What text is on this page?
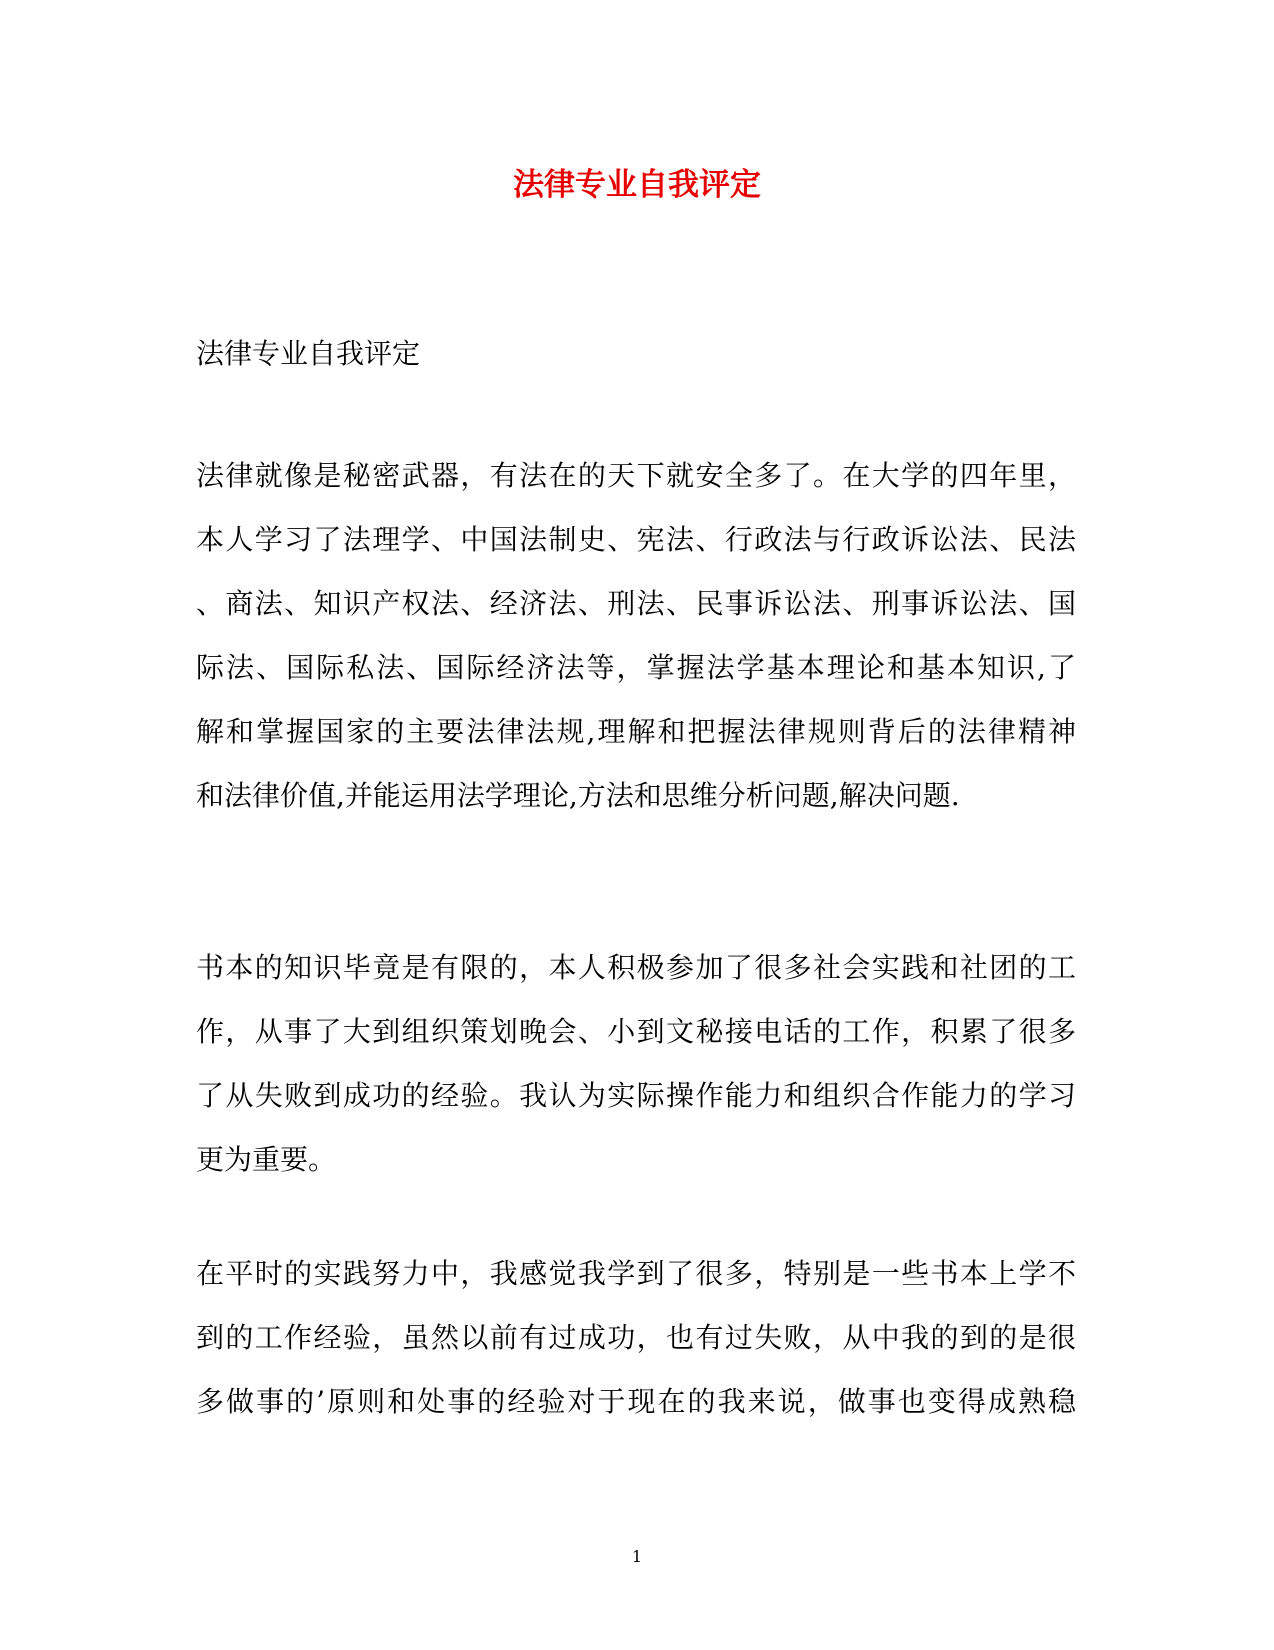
法律专业自我评定
法律专业自我评定
法律就像是秘密武器，有法在的天下就安全多了。在大学的四年里，
本人学习了法理学、中国法制史、宪法、行政法与行政诉讼法、民法
、商法、知识产权法、经济法、刑法、民事诉讼法、刑事诉讼法、国
际法、国际私法、国际经济法等，掌握法学基本理论和基本知识,了
解和掌握国家的主要法律法规,理解和把握法律规则背后的法律精神
和法律价值,并能运用法学理论,方法和思维分析问题,解决问题.
书本的知识毕竟是有限的，本人积极参加了很多社会实践和社团的工
作，从事了大到组织策划晚会、小到文秘接电话的工作，积累了很多
了从失败到成功的经验。我认为实际操作能力和组织合作能力的学习
更为重要。
在平时的实践努力中，我感觉我学到了很多，特别是一些书本上学不
到的工作经验，虽然以前有过成功，也有过失败，从中我的到的是很
多做事的’原则和处事的经验对于现在的我来说，做事也变得成熟稳
1
